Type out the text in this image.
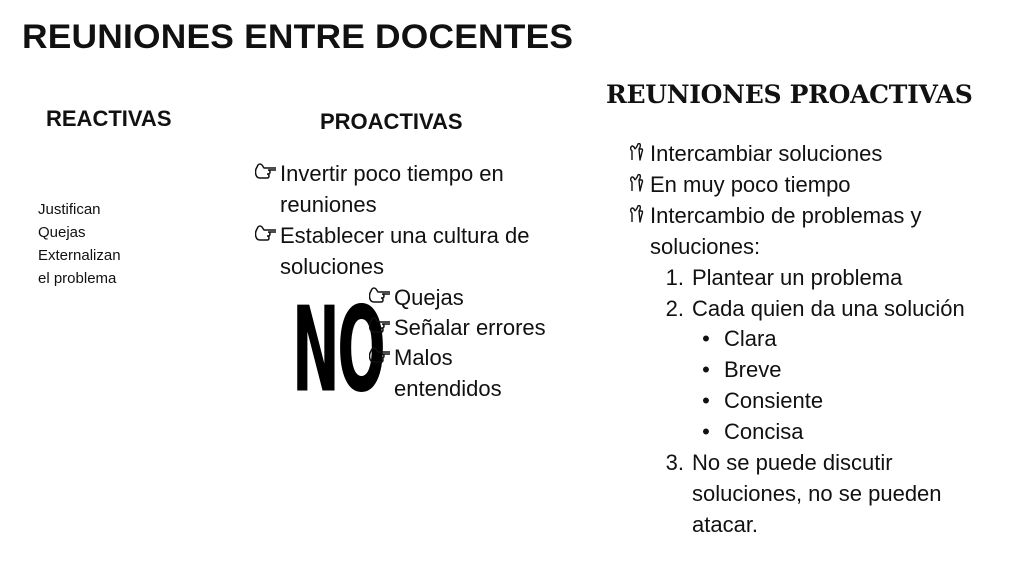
REUNIONES ENTRE DOCENTES
REACTIVAS
Justifican
Quejas
Externalizan
el problema
PROACTIVAS
Invertir poco tiempo en reuniones
Establecer una cultura de soluciones
NO Quejas
Señalar errores
Malos entendidos
REUNIONES PROACTIVAS
Intercambiar soluciones
En muy poco tiempo
Intercambio de problemas y soluciones:
1. Plantear un problema
2. Cada quien da una solución
• Clara
• Breve
• Consiente
• Concisa
3. No se puede discutir soluciones, no se pueden atacar.
